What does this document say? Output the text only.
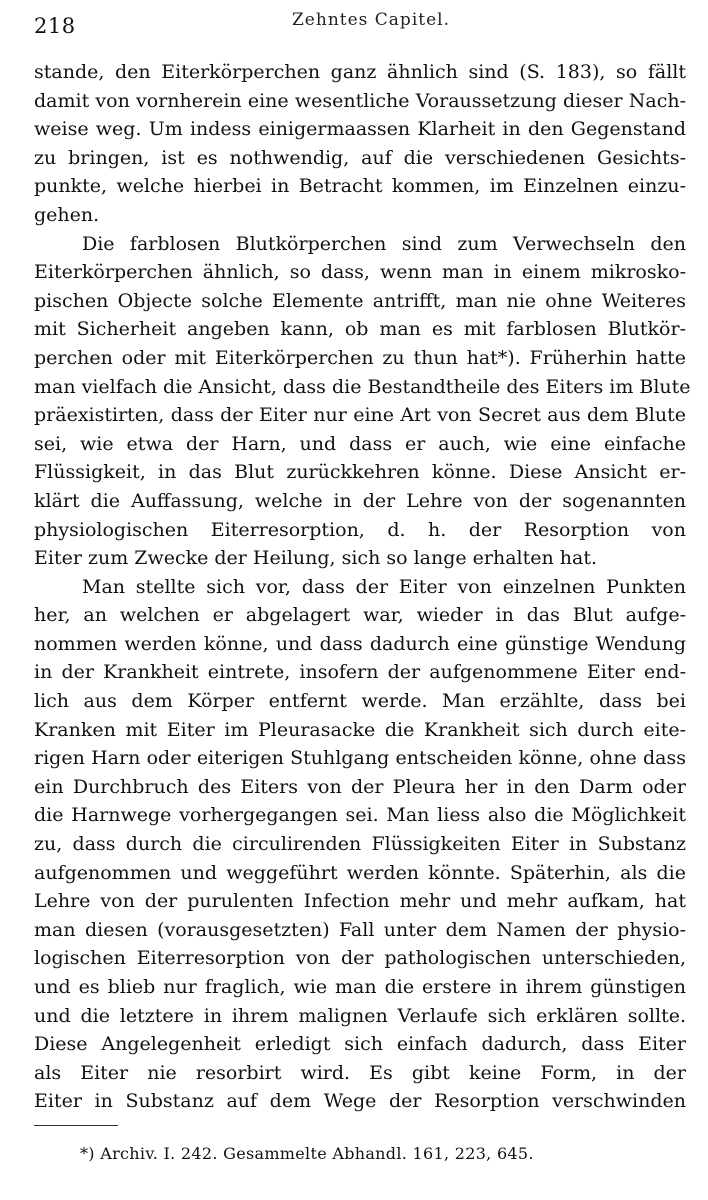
218	Zehntes Capitel.
stande, den Eiterkörperchen ganz ähnlich sind (S. 183), so fällt
damit von vornherein eine wesentliche Voraussetzung dieser Nach-
weise weg. Um indess einigermaassen Klarheit in den Gegenstand
zu bringen, ist es nothwendig, auf die verschiedenen Gesichts-
punkte, welche hierbei in Betracht kommen, im Einzelnen einzu-
gehen.
Die farblosen Blutkörperchen sind zum Verwechseln den
Eiterkörperchen ähnlich, so dass, wenn man in einem mikrosko-
pischen Objecte solche Elemente antrifft, man nie ohne Weiteres
mit Sicherheit angeben kann, ob man es mit farblosen Blutkör-
perchen oder mit Eiterkörperchen zu thun hat*). Früherhin hatte
man vielfach die Ansicht, dass die Bestandtheile des Eiters im Blute
präexistirten, dass der Eiter nur eine Art von Secret aus dem Blute
sei, wie etwa der Harn, und dass er auch, wie eine einfache
Flüssigkeit, in das Blut zurückkehren könne. Diese Ansicht er-
klärt die Auffassung, welche in der Lehre von der sogenannten
physiologischen Eiterresorption, d. h. der Resorption von
Eiter zum Zwecke der Heilung, sich so lange erhalten hat.
Man stellte sich vor, dass der Eiter von einzelnen Punkten
her, an welchen er abgelagert war, wieder in das Blut aufge-
nommen werden könne, und dass dadurch eine günstige Wendung
in der Krankheit eintrete, insofern der aufgenommene Eiter end-
lich aus dem Körper entfernt werde. Man erzählte, dass bei
Kranken mit Eiter im Pleurasacke die Krankheit sich durch eite-
rigen Harn oder eiterigen Stuhlgang entscheiden könne, ohne dass
ein Durchbruch des Eiters von der Pleura her in den Darm oder
die Harnwege vorhergegangen sei. Man liess also die Möglichkeit
zu, dass durch die circulirenden Flüssigkeiten Eiter in Substanz
aufgenommen und weggeführt werden könnte. Späterhin, als die
Lehre von der purulenten Infection mehr und mehr aufkam, hat
man diesen (vorausgesetzten) Fall unter dem Namen der physio-
logischen Eiterresorption von der pathologischen unterschieden,
und es blieb nur fraglich, wie man die erstere in ihrem günstigen
und die letztere in ihrem malignen Verlaufe sich erklären sollte.
Diese Angelegenheit erledigt sich einfach dadurch, dass Eiter
als Eiter nie resorbirt wird. Es gibt keine Form, in der
Eiter in Substanz auf dem Wege der Resorption verschwinden
*) Archiv. I. 242. Gesammelte Abhandl. 161, 223, 645.
